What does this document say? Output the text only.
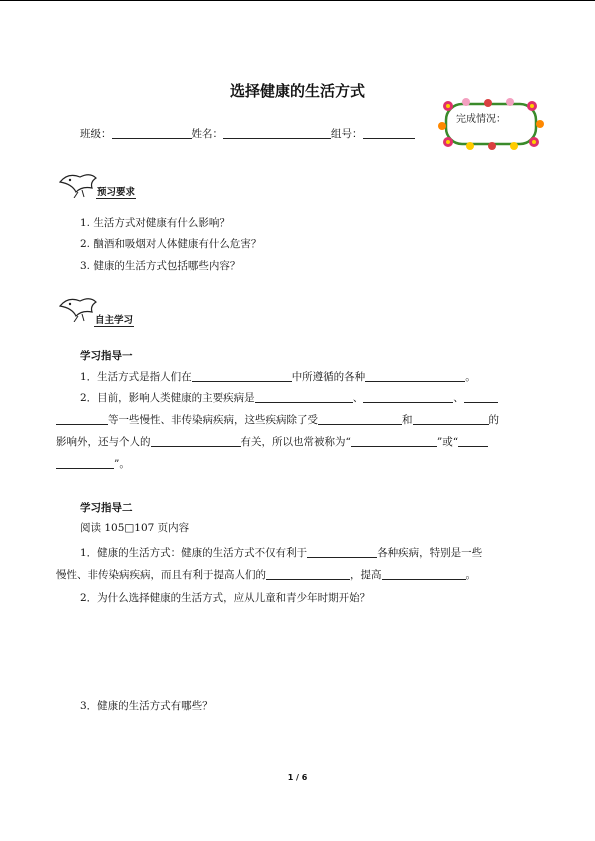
选择健康的生活方式
班级：	姓名：	组号：
完成情况：
预习要求
1. 生活方式对健康有什么影响？
2. 酗酒和吸烟对人体健康有什么危害？
3. 健康的生活方式包括哪些内容？
自主学习
学习指导一
1．生活方式是指人们在	中所遵循的各种	。
2．目前，影响人类健康的主要疾病是	、	、
等一些慢性、非传染病疾病，这些疾病除了受	和	的
影响外，还与个人的	有关，所以也常被称为“	”或“
”。
学习指导二
阅读 105□107 页内容
1．健康的生活方式：健康的生活方式不仅有利于	各种疾病，特别是一些
慢性、非传染病疾病，而且有利于提高人们的	，提高	。
2．为什么选择健康的生活方式，应从儿童和青少年时期开始？
3．健康的生活方式有哪些？
1 / 6
